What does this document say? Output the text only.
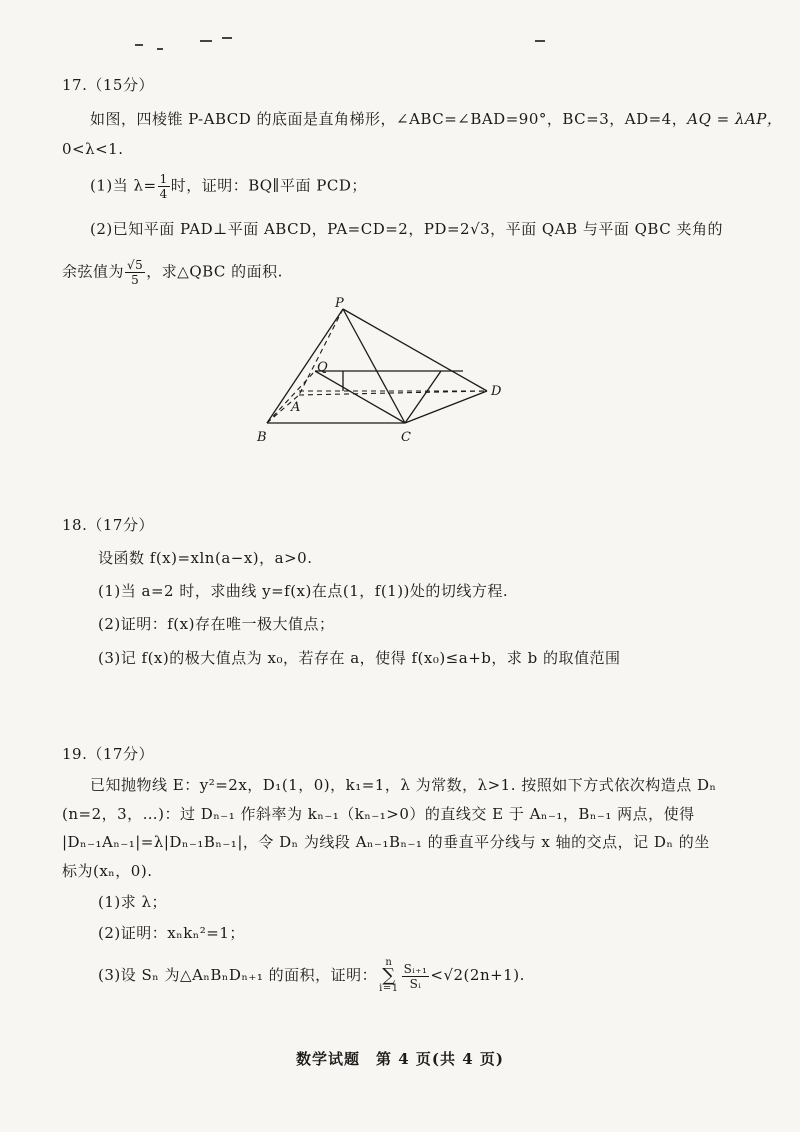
17.（15分）
如图，四棱锥 P-ABCD 的底面是直角梯形，∠ABC=∠BAD=90°，BC=3，AD=4，AQ = λAP，
0<λ<1.
(1)当 $\lambda= \frac{1}{4}$ 时，证明：BQ∥平面 PCD；
(2)已知平面 PAD⊥平面 ABCD，PA=CD=2，PD=2√3，平面 QAB 与平面 QBC 夹角的
余弦值为 $\frac{√5}{5}$ ，求△QBC 的面积.
P
Q
A
B	C
D
18.（17分）
设函数 f(x)=xln(a−x)，a>0.
(1)当 a=2 时，求曲线 y=f(x)在点(1，f(1))处的切线方程.
(2)证明：f(x)存在唯一极大值点；
(3)记 f(x)的极大值点为 x₀，若存在 a，使得 f(x₀)≤a+b，求 b 的取值范围
19.（17分）
已知抛物线 E：y²=2x，D₁(1，0)，k₁=1，λ 为常数，λ>1. 按照如下方式依次构造点 Dₙ
(n=2，3，…)：过 Dₙ₋₁ 作斜率为 kₙ₋₁（kₙ₋₁>0）的直线交 E 于 Aₙ₋₁，Bₙ₋₁ 两点，使得
|Dₙ₋₁Aₙ₋₁|=λ|Dₙ₋₁Bₙ₋₁|，令 Dₙ 为线段 Aₙ₋₁Bₙ₋₁ 的垂直平分线与 x 轴的交点，记 Dₙ 的坐
标为(xₙ，0).
(1)求 λ；
(2)证明：xₙkₙ²=1；
(3)设 Sₙ 为△AₙBₙDₙ₊₁ 的面积，证明：n
∑
$i=1 \frac{\text{Sᵢ₊₁}}{\text{Sᵢ}} <√2(2n+1)$.
数学试题　第 4 页(共 4 页)
